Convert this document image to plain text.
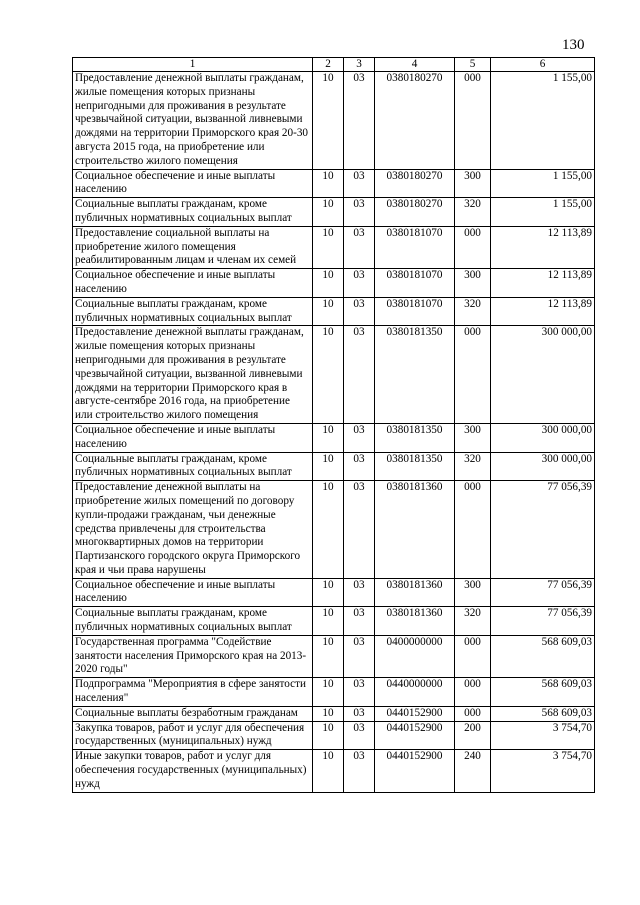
130
1	2	3	4	5	6
Предоставление денежной выплаты гражданам, жилые помещения которых признаны непригодными для проживания в результате чрезвычайной ситуации, вызванной ливневыми дождями на территории Приморского края 20-30 августа 2015 года, на приобретение или строительство жилого помещения	10	03	0380180270	000	1 155,00
Социальное обеспечение и иные выплаты населению	10	03	0380180270	300	1 155,00
Социальные выплаты гражданам, кроме публичных нормативных социальных выплат	10	03	0380180270	320	1 155,00
Предоставление социальной выплаты на приобретение жилого помещения реабилитированным лицам и членам их семей	10	03	0380181070	000	12 113,89
Социальное обеспечение и иные выплаты населению	10	03	0380181070	300	12 113,89
Социальные выплаты гражданам, кроме публичных нормативных социальных выплат	10	03	0380181070	320	12 113,89
Предоставление денежной выплаты гражданам, жилые помещения которых признаны непригодными для проживания в результате чрезвычайной ситуации, вызванной ливневыми дождями на территории Приморского края в августе-сентябре 2016 года, на приобретение или строительство жилого помещения	10	03	0380181350	000	300 000,00
Социальное обеспечение и иные выплаты населению	10	03	0380181350	300	300 000,00
Социальные выплаты гражданам, кроме публичных нормативных социальных выплат	10	03	0380181350	320	300 000,00
Предоставление денежной выплаты на приобретение жилых помещений по договору купли-продажи гражданам, чьи денежные средства привлечены для строительства многоквартирных домов на территории Партизанского городского округа Приморского края и чьи права нарушены	10	03	0380181360	000	77 056,39
Социальное обеспечение и иные выплаты населению	10	03	0380181360	300	77 056,39
Социальные выплаты гражданам, кроме публичных нормативных социальных выплат	10	03	0380181360	320	77 056,39
Государственная программа "Содействие занятости населения Приморского края на 2013-2020 годы"	10	03	0400000000	000	568 609,03
Подпрограмма "Мероприятия в сфере занятости населения"	10	03	0440000000	000	568 609,03
Социальные выплаты безработным гражданам	10	03	0440152900	000	568 609,03
Закупка товаров, работ и услуг для обеспечения государственных (муниципальных) нужд	10	03	0440152900	200	3 754,70
Иные закупки товаров, работ и услуг для обеспечения государственных (муниципальных) нужд	10	03	0440152900	240	3 754,70
